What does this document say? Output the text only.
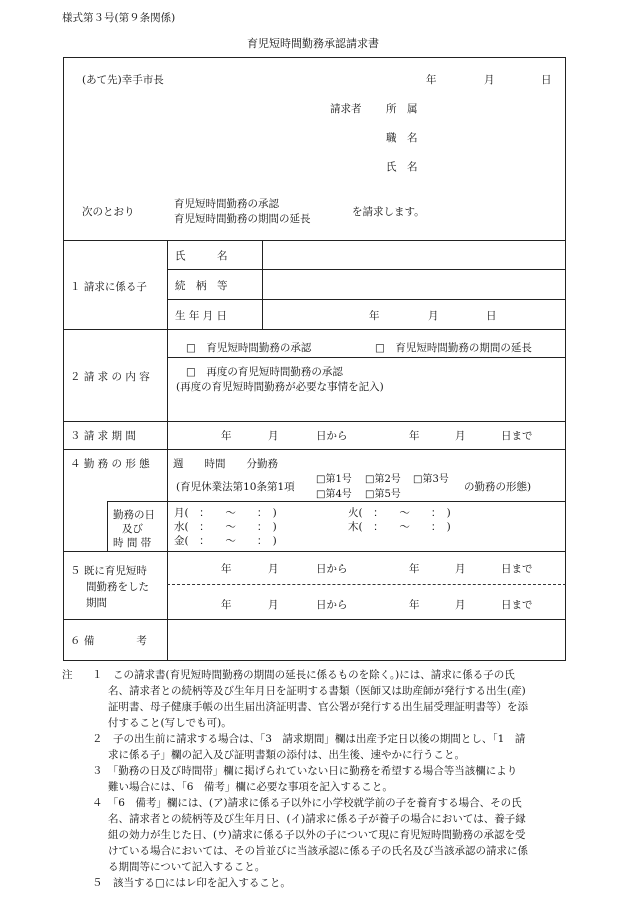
様式第３号(第９条関係)
育児短時間勤務承認請求書
(あて先)幸手市長	年	月	日
請求者 所　属
職　名
氏　名
次のとおり
育児短時間勤務の承認
育児短時間勤務の期間の延長
を請求します。
１ 請求に係る子
氏　　　名
続　柄　等
生 年 月 日	年	月	日
２ 請 求 の 内 容
□　育児短時間勤務の承認	□　育児短時間勤務の期間の延長
□　再度の育児短時間勤務の承認
(再度の育児短時間勤務が必要な事情を記入)
３ 請 求 期 間	年	月	日から	年	月	日まで
４ 勤 務 の 形 態 週　　時間　　分勤務
(育児休業法第10条第1項
□第1号 □第2号 □第3号
□第4号 □第5号
の勤務の形態)
勤務の日
及び
時 間 帯
月(　：　　〜　　：　)	火(　：　　〜　　：　)
水(　：　　〜　　：　)	木(　：　　〜　　：　)
金(　：　　〜　　：　)
５ 既に育児短時
間勤務をした
期間
年	月	日から	年	月	日まで
年	月	日から	年	月	日まで
６ 備　　　　考
注 １　この請求書(育児短時間勤務の期間の延長に係るものを除く。)には、請求に係る子の氏
名、請求者との続柄等及び生年月日を証明する書類（医師又は助産師が発行する出生(産)
証明書、母子健康手帳の出生届出済証明書、官公署が発行する出生届受理証明書等）を添
付すること(写しでも可)。
２　子の出生前に請求する場合は、「3　請求期間」欄は出産予定日以後の期間とし、「1　請
求に係る子」欄の記入及び証明書類の添付は、出生後、速やかに行うこと。
３　「勤務の日及び時間帯」欄に掲げられていない日に勤務を希望する場合等当該欄により
難い場合には、「6　備考」欄に必要な事項を記入すること。
４　「6　備考」欄には、(ア)請求に係る子以外に小学校就学前の子を養育する場合、その氏
名、請求者との続柄等及び生年月日、(イ)請求に係る子が養子の場合においては、養子縁
組の効力が生じた日、(ウ)請求に係る子以外の子について現に育児短時間勤務の承認を受
けている場合においては、その旨並びに当該承認に係る子の氏名及び当該承認の請求に係
る期間等について記入すること。
５　該当する□にはレ印を記入すること。
